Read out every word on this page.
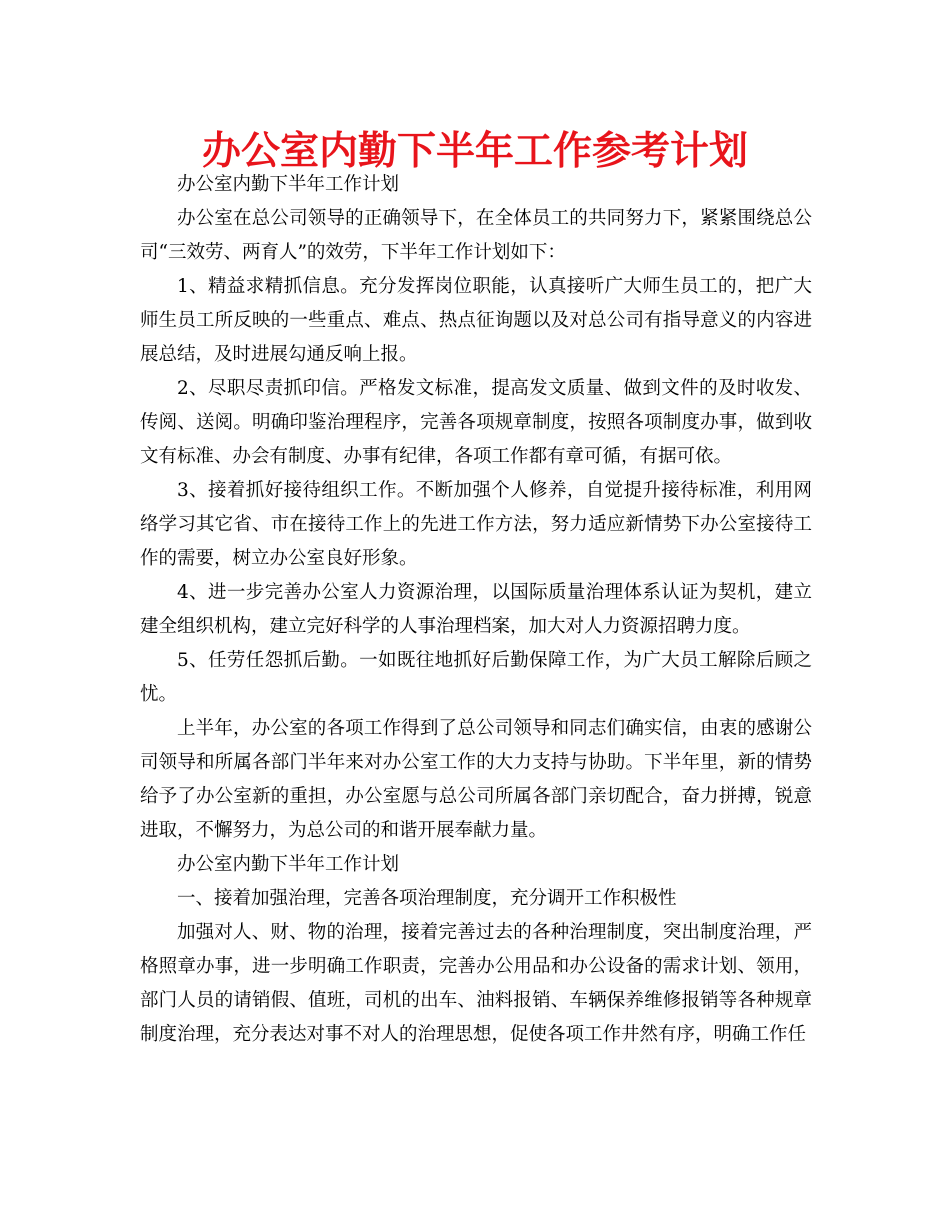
办公室内勤下半年工作参考计划

办公室内勤下半年工作计划

办公室在总公司领导的正确领导下，在全体员工的共同努力下，紧紧围绕总公司“三效劳、两育人”的效劳，下半年工作计划如下：

1、精益求精抓信息。充分发挥岗位职能，认真接听广大师生员工的，把广大师生员工所反映的一些重点、难点、热点征询题以及对总公司有指导意义的内容进展总结，及时进展勾通反响上报。

2、尽职尽责抓印信。严格发文标准，提高发文质量、做到文件的及时收发、传阅、送阅。明确印鉴治理程序，完善各项规章制度，按照各项制度办事，做到收文有标准、办会有制度、办事有纪律，各项工作都有章可循，有据可依。

3、接着抓好接待组织工作。不断加强个人修养，自觉提升接待标准，利用网络学习其它省、市在接待工作上的先进工作方法，努力适应新情势下办公室接待工作的需要，树立办公室良好形象。

4、进一步完善办公室人力资源治理，以国际质量治理体系认证为契机，建立建全组织机构，建立完好科学的人事治理档案，加大对人力资源招聘力度。

5、任劳任怨抓后勤。一如既往地抓好后勤保障工作，为广大员工解除后顾之忧。

上半年，办公室的各项工作得到了总公司领导和同志们确实信，由衷的感谢公司领导和所属各部门半年来对办公室工作的大力支持与协助。下半年里，新的情势给予了办公室新的重担，办公室愿与总公司所属各部门亲切配合，奋力拼搏，锐意进取，不懈努力，为总公司的和谐开展奉献力量。

办公室内勤下半年工作计划

一、接着加强治理，完善各项治理制度，充分调开工作积极性

加强对人、财、物的治理，接着完善过去的各种治理制度，突出制度治理，严格照章办事，进一步明确工作职责，完善办公用品和办公设备的需求计划、领用，部门人员的请销假、值班，司机的出车、油料报销、车辆保养维修报销等各种规章制度治理，充分表达对事不对人的治理思想，促使各项工作井然有序，明确工作任
